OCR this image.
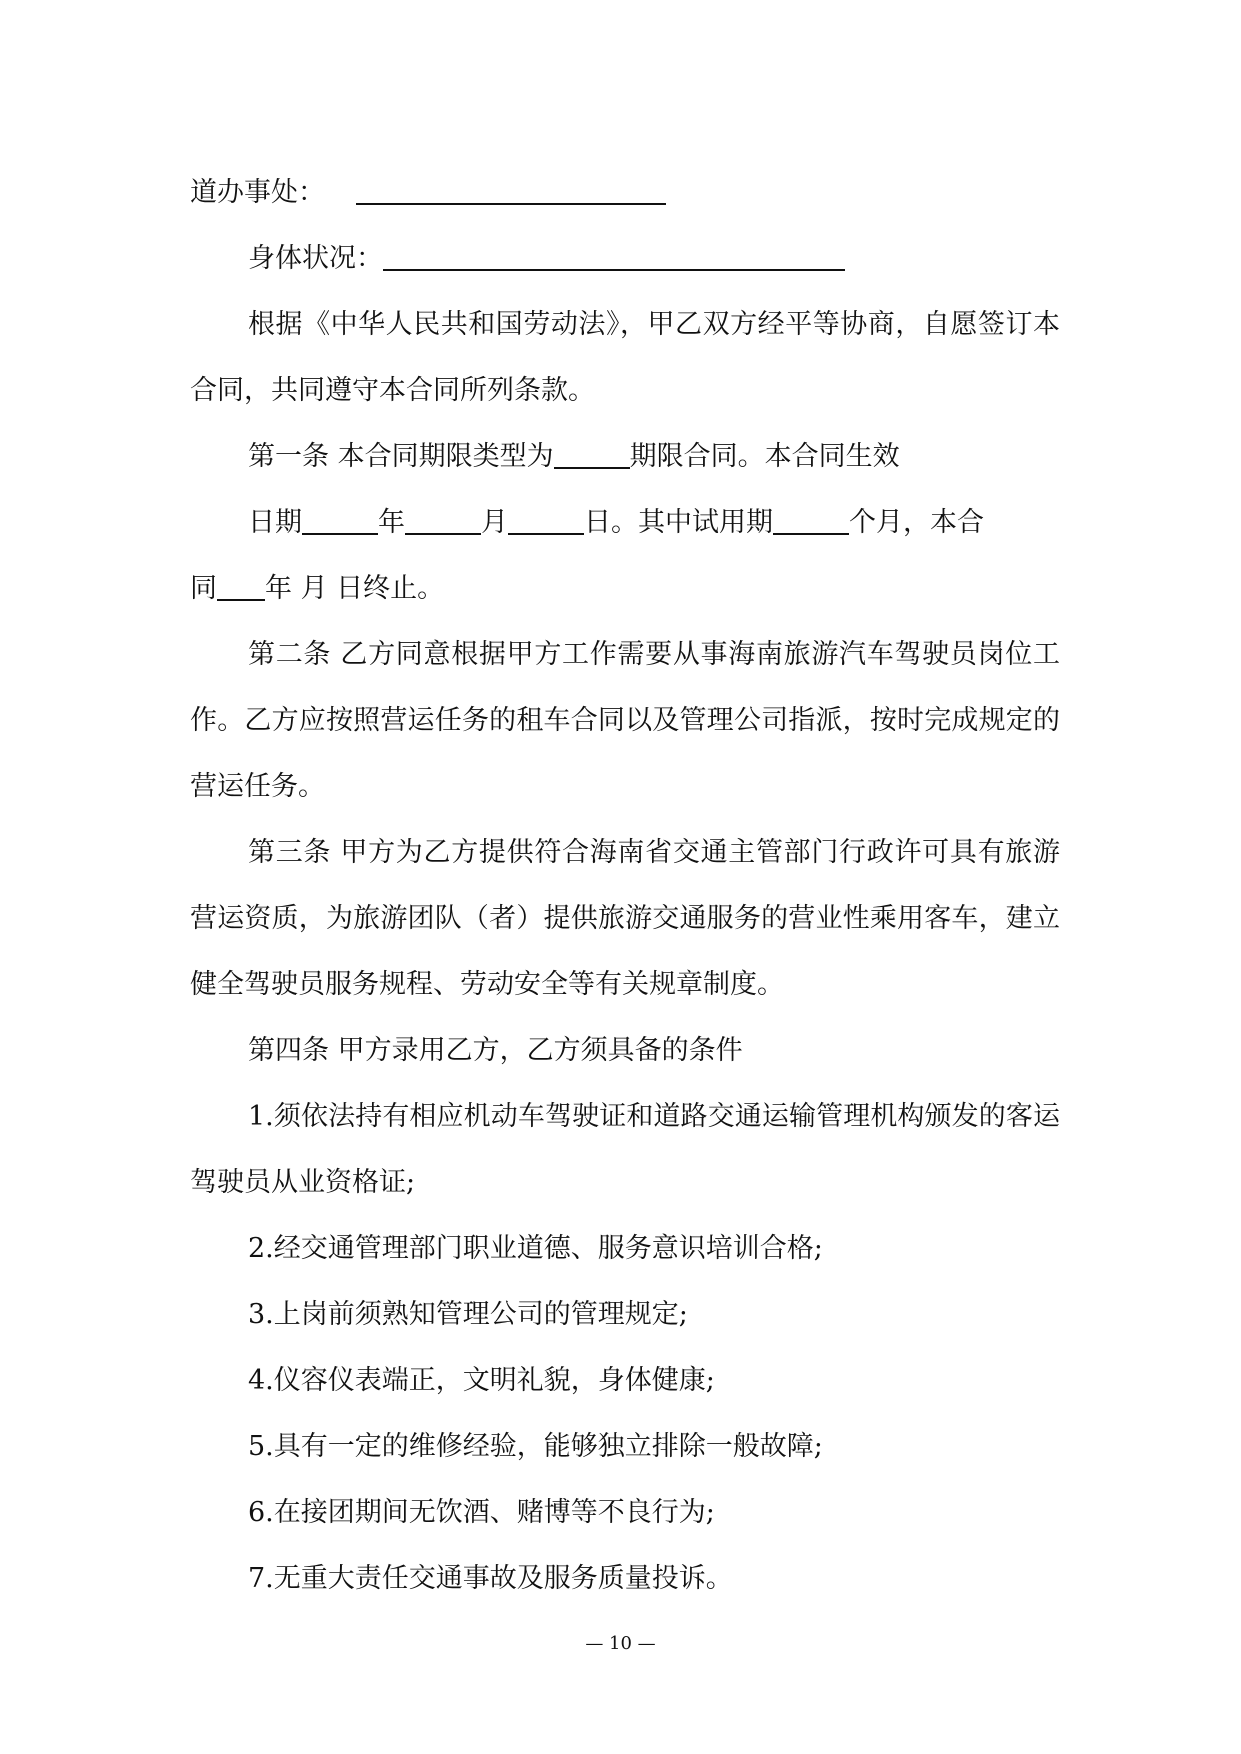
道办事处：

身体状况：

根据《中华人民共和国劳动法》，甲乙双方经平等协商，自愿签订本合同，共同遵守本合同所列条款。

第一条 本合同期限类型为	期限合同。本合同生效

日期	年	月	日。其中试用期	个月，本合

同 年 月 日终止。

第二条 乙方同意根据甲方工作需要从事海南旅游汽车驾驶员岗位工作。乙方应按照营运任务的租车合同以及管理公司指派，按时完成规定的营运任务。

第三条 甲方为乙方提供符合海南省交通主管部门行政许可具有旅游营运资质，为旅游团队（者）提供旅游交通服务的营业性乘用客车，建立健全驾驶员服务规程、劳动安全等有关规章制度。

第四条 甲方录用乙方，乙方须具备的条件

1.须依法持有相应机动车驾驶证和道路交通运输管理机构颁发的客运驾驶员从业资格证;

2.经交通管理部门职业道德、服务意识培训合格;

3.上岗前须熟知管理公司的管理规定;

4.仪容仪表端正，文明礼貌，身体健康;

5.具有一定的维修经验，能够独立排除一般故障;

6.在接团期间无饮酒、赌博等不良行为;

7.无重大责任交通事故及服务质量投诉。

— 10 —
